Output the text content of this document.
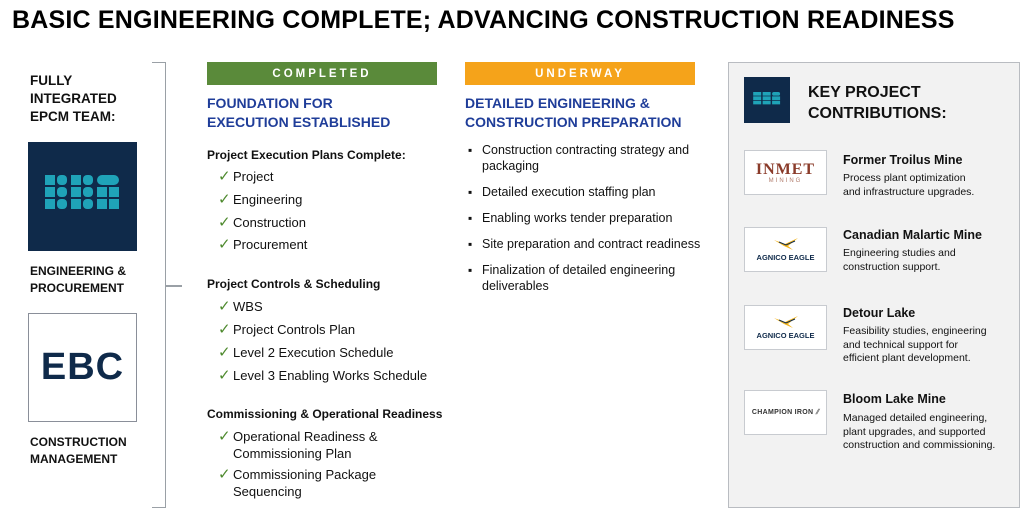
BASIC ENGINEERING COMPLETE; ADVANCING CONSTRUCTION READINESS
FULLY
INTEGRATED
EPCM TEAM:
ENGINEERING &
PROCUREMENT
EBC
CONSTRUCTION
MANAGEMENT
COMPLETED
FOUNDATION FOR
EXECUTION ESTABLISHED
Project Execution Plans Complete:
✓ Project
✓ Engineering
✓ Construction
✓ Procurement
Project Controls & Scheduling
✓ WBS
✓ Project Controls Plan
✓ Level 2 Execution Schedule
✓ Level 3 Enabling Works Schedule
Commissioning & Operational Readiness
✓ Operational Readiness &
Commissioning Plan
✓ Commissioning Package
Sequencing
UNDERWAY
DETAILED ENGINEERING &
CONSTRUCTION PREPARATION
▪ Construction contracting strategy and packaging
▪ Detailed execution staffing plan
▪ Enabling works tender preparation
▪ Site preparation and contract readiness
▪ Finalization of detailed engineering deliverables
KEY PROJECT
CONTRIBUTIONS:
INMET
MINING
Former Troilus Mine
Process plant optimization
and infrastructure upgrades.
AGNICO EAGLE
Canadian Malartic Mine
Engineering studies and
construction support.
AGNICO EAGLE
Detour Lake
Feasibility studies, engineering
and technical support for
efficient plant development.
CHAMPION IRON ⫽
Bloom Lake Mine
Managed detailed engineering,
plant upgrades, and supported
construction and commissioning.
